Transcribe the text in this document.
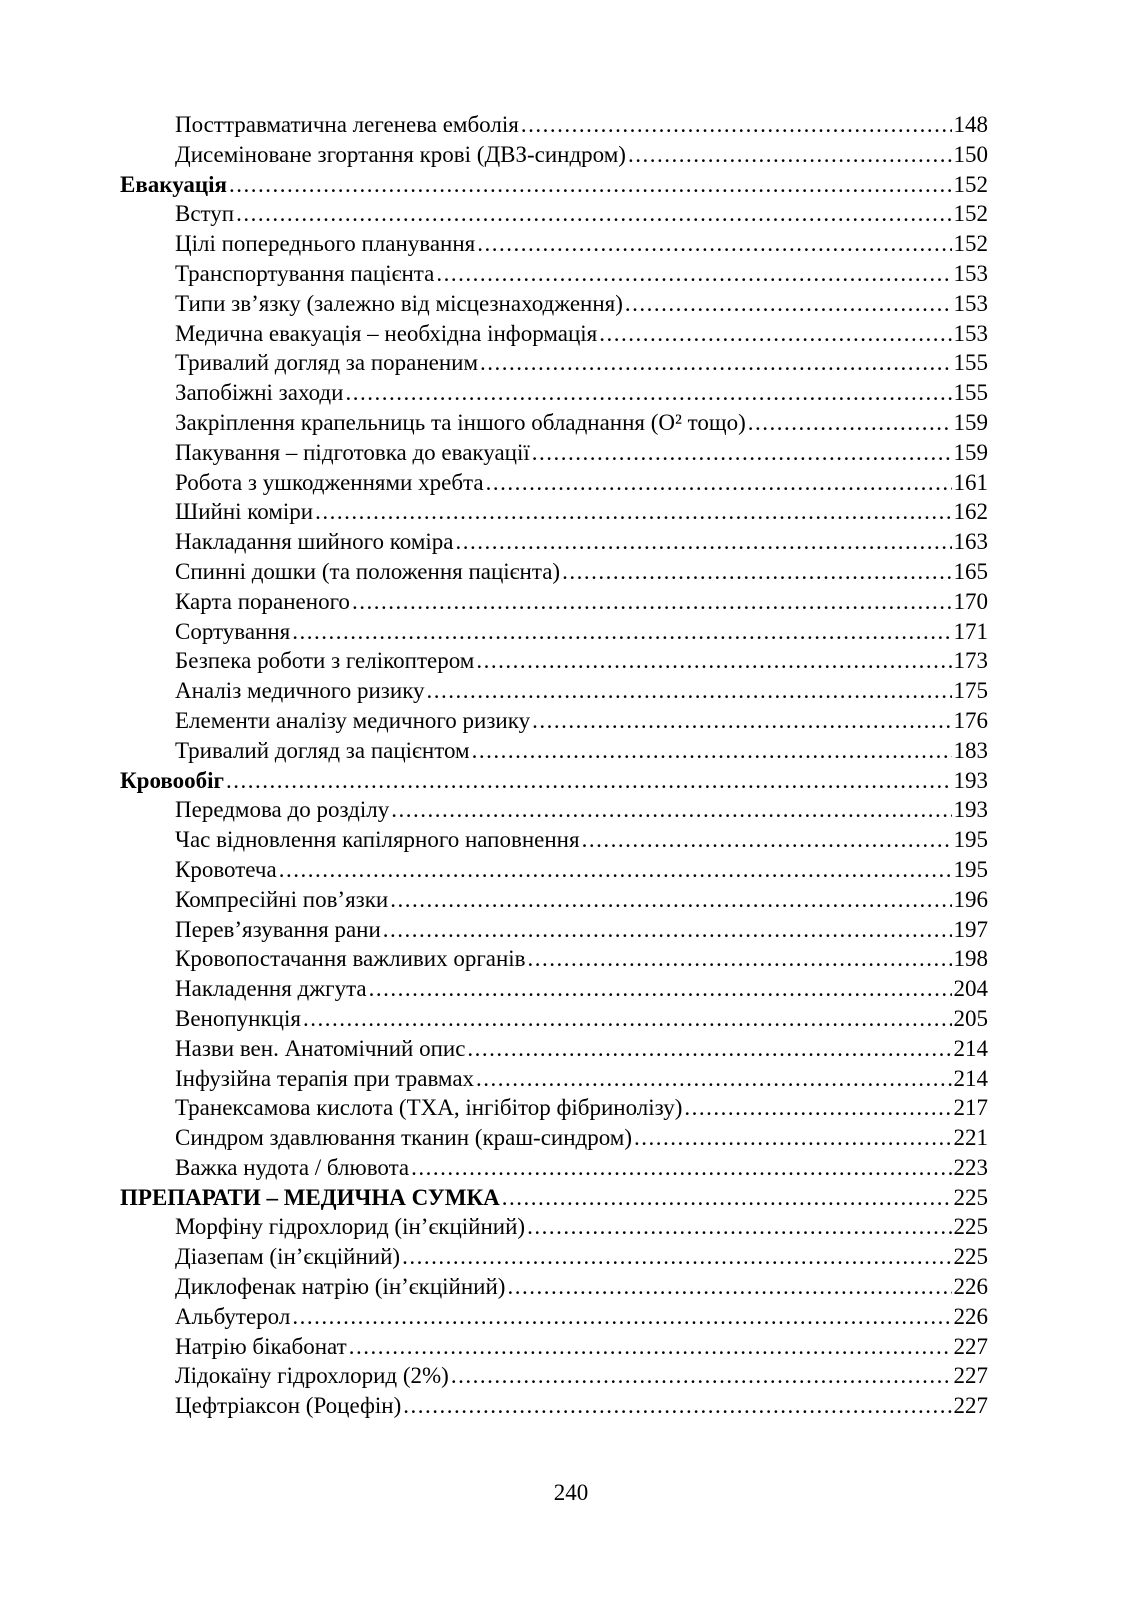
Посттравматична легенева емболія .....	148
Дисеміноване згортання крові (ДВЗ-синдром) .....	150
Евакуація .....	152
Вступ .....	152
Цілі попереднього планування .....	152
Транспортування пацієнта .....	153
Типи зв’язку (залежно від місцезнаходження) .....	153
Медична евакуація – необхідна інформація .....	153
Тривалий догляд за пораненим .....	155
Запобіжні заходи .....	155
Закріплення крапельниць та іншого обладнання (О² тощо) .....	159
Пакування – підготовка до евакуації .....	159
Робота з ушкодженнями хребта .....	161
Шийні коміри .....	162
Накладання шийного коміра .....	163
Спинні дошки (та положення пацієнта) .....	165
Карта пораненого .....	170
Сортування .....	171
Безпека роботи з гелікоптером .....	173
Аналіз медичного ризику .....	175
Елементи аналізу медичного ризику .....	176
Тривалий догляд за пацієнтом .....	183
Кровообіг .....	193
Передмова до розділу .....	193
Час відновлення капілярного наповнення .....	195
Кровотеча .....	195
Компресійні пов’язки .....	196
Перев’язування рани .....	197
Кровопостачання важливих органів .....	198
Накладення джгута .....	204
Венопункція .....	205
Назви вен. Анатомічний опис .....	214
Інфузійна терапія при травмах .....	214
Транексамова кислота (ТХА, інгібітор фібринолізу) .....	217
Синдром здавлювання тканин (краш-синдром) .....	221
Важка нудота / блювота .....	223
ПРЕПАРАТИ – МЕДИЧНА СУМКА .....	225
Морфіну гідрохлорид (ін’єкційний) .....	225
Діазепам (ін’єкційний) .....	225
Диклофенак натрію (ін’єкційний) .....	226
Альбутерол .....	226
Натрію бікабонат .....	227
Лідокаїну гідрохлорид (2%) .....	227
Цефтріаксон (Роцефін) .....	227
240
